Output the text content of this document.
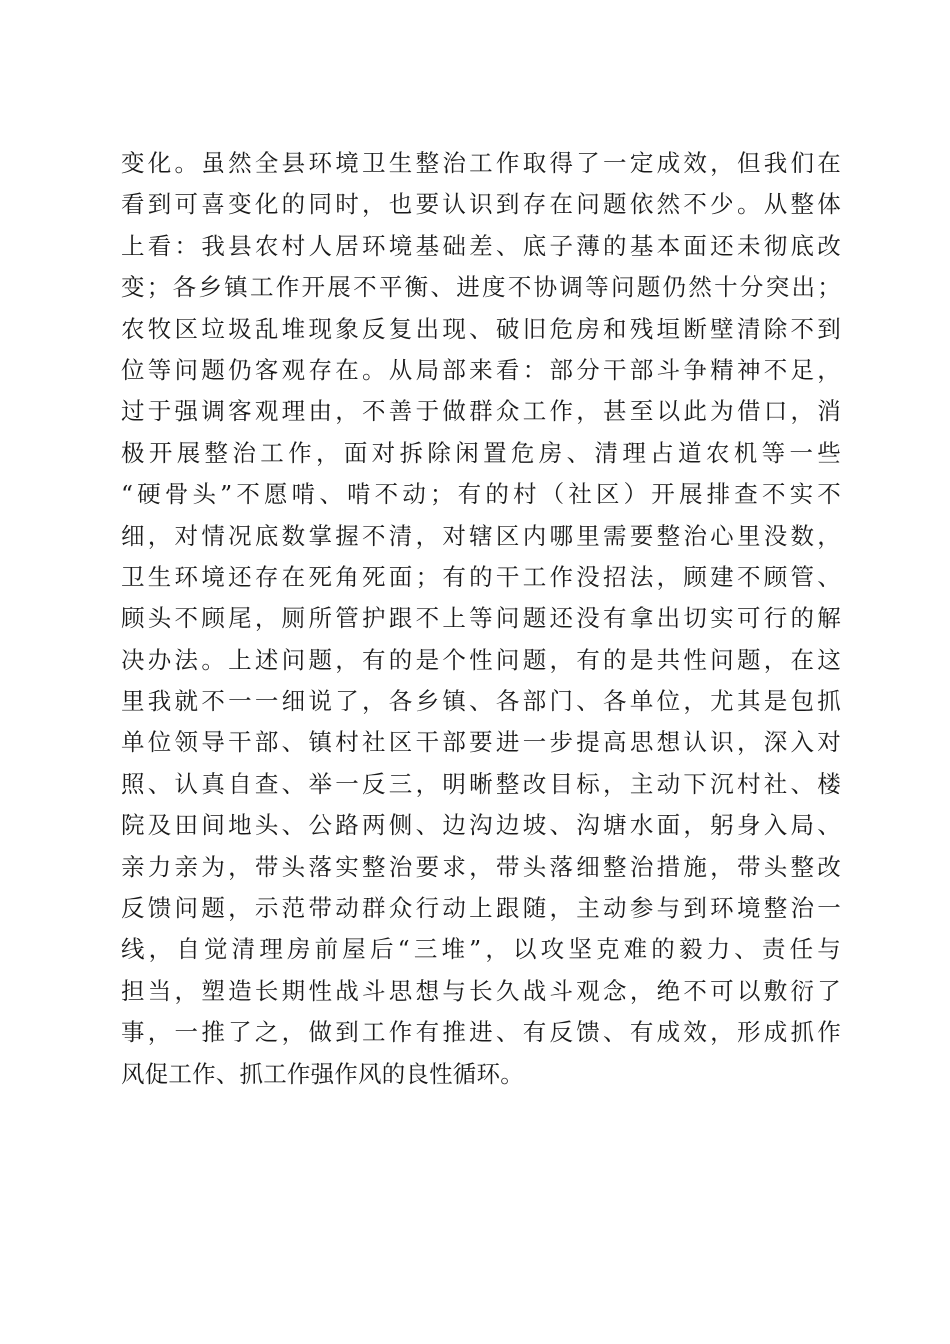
变化。虽然全县环境卫生整治工作取得了一定成效，但我们在
看到可喜变化的同时，也要认识到存在问题依然不少。从整体
上看：我县农村人居环境基础差、底子薄的基本面还未彻底改
变；各乡镇工作开展不平衡、进度不协调等问题仍然十分突出；
农牧区垃圾乱堆现象反复出现、破旧危房和残垣断壁清除不到
位等问题仍客观存在。从局部来看：部分干部斗争精神不足，
过于强调客观理由，不善于做群众工作，甚至以此为借口，消
极开展整治工作，面对拆除闲置危房、清理占道农机等一些
“硬骨头”不愿啃、啃不动；有的村（社区）开展排查不实不
细，对情况底数掌握不清，对辖区内哪里需要整治心里没数，
卫生环境还存在死角死面；有的干工作没招法，顾建不顾管、
顾头不顾尾，厕所管护跟不上等问题还没有拿出切实可行的解
决办法。上述问题，有的是个性问题，有的是共性问题，在这
里我就不一一细说了，各乡镇、各部门、各单位，尤其是包抓
单位领导干部、镇村社区干部要进一步提高思想认识，深入对
照、认真自查、举一反三，明晰整改目标，主动下沉村社、楼
院及田间地头、公路两侧、边沟边坡、沟塘水面，躬身入局、
亲力亲为，带头落实整治要求，带头落细整治措施，带头整改
反馈问题，示范带动群众行动上跟随，主动参与到环境整治一
线，自觉清理房前屋后“三堆”，以攻坚克难的毅力、责任与
担当，塑造长期性战斗思想与长久战斗观念，绝不可以敷衍了
事，一推了之，做到工作有推进、有反馈、有成效，形成抓作
风促工作、抓工作强作风的良性循环。
